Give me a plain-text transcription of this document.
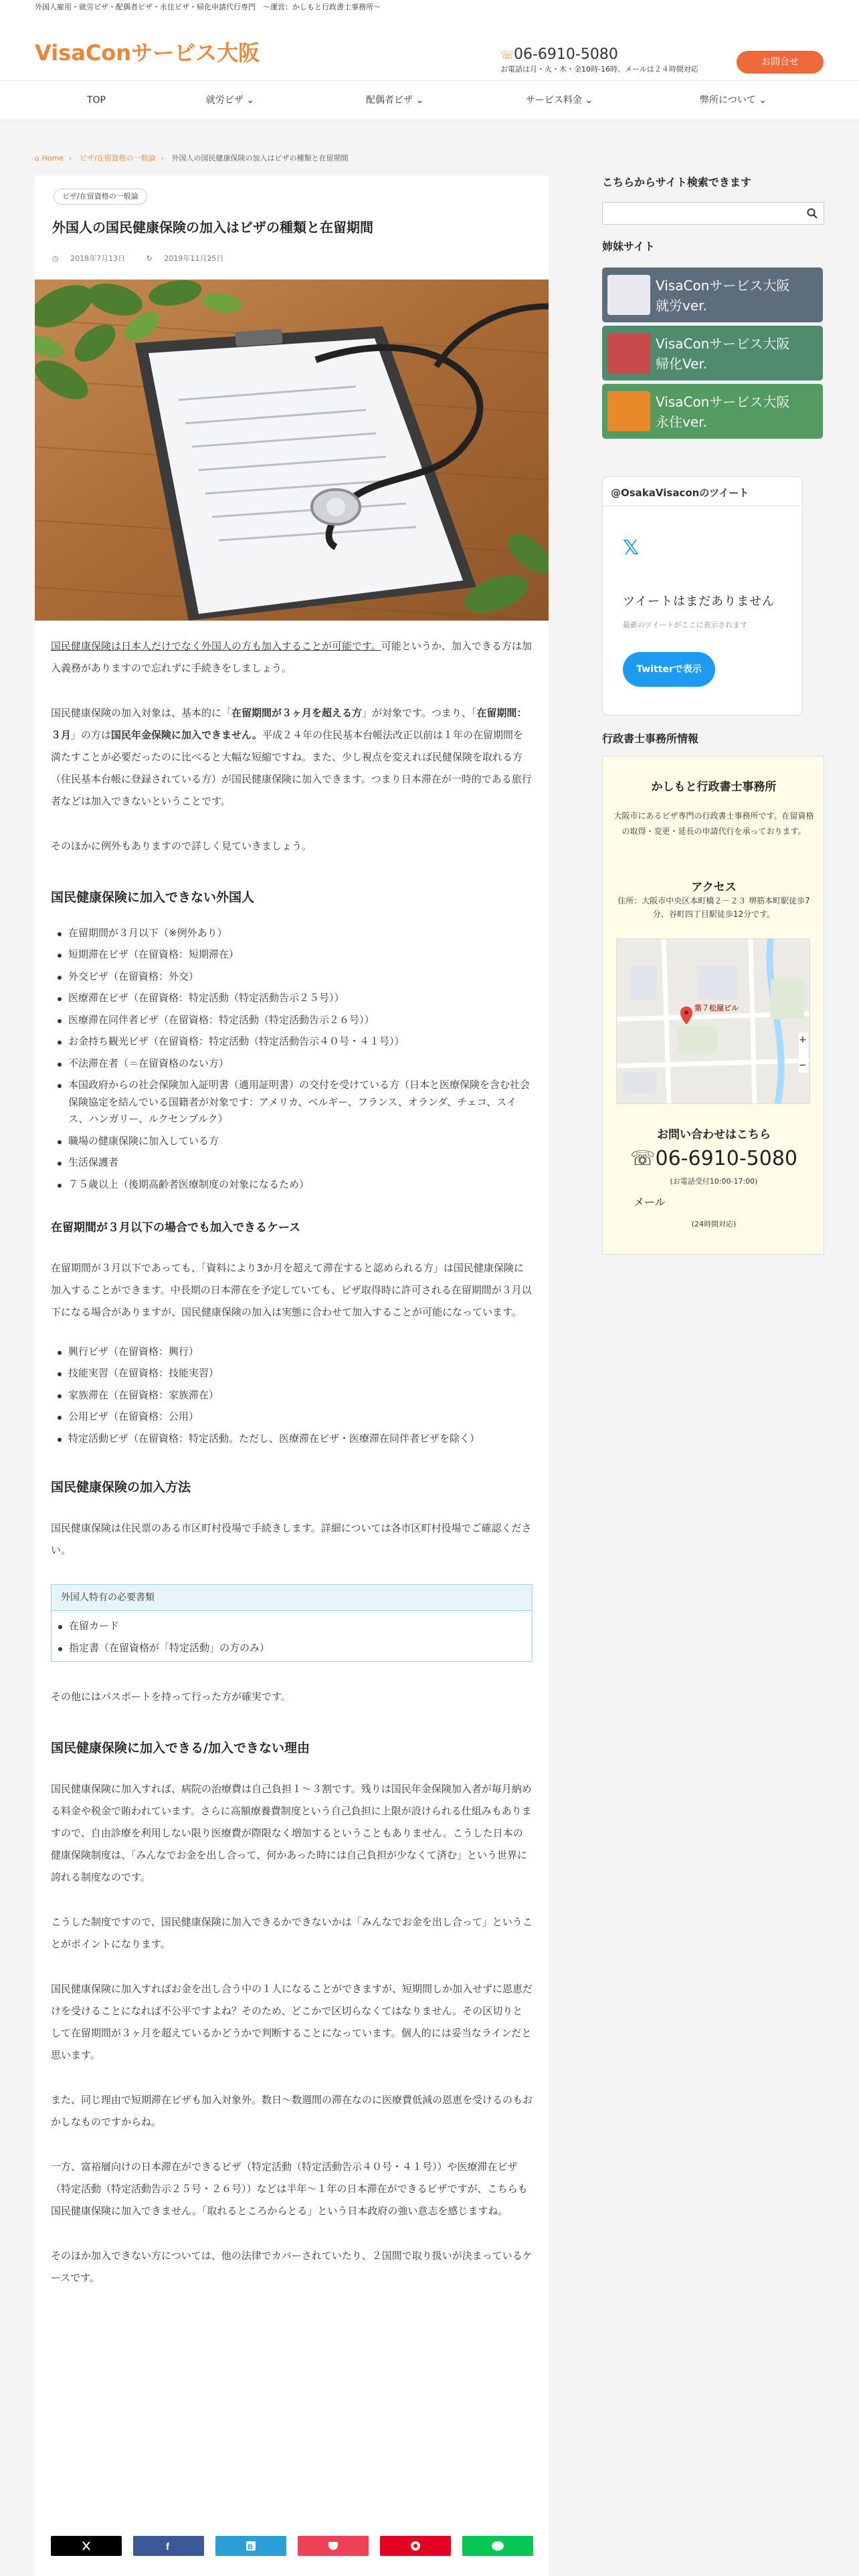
外国人雇用・就労ビザ・配偶者ビザ・永住ビザ・帰化申請代行専門　～運営：かしもと行政書士事務所～
VisaConサービス大阪	☏06-6910-5080
お電話は月・火・木・金10時-16時、メールは２４時間対応
お問合せ
TOP	就労ビザ ⌄	配偶者ビザ ⌄	サービス料金 ⌄	弊所について ⌄
⌂ Home › ビザ/在留資格の一般論 › 外国人の国民健康保険の加入はビザの種類と在留期間
ビザ/在留資格の一般論
外国人の国民健康保険の加入はビザの種類と在留期間
◷ 2018年7月13日	↻ 2019年11月25日

国民健康保険は日本人だけでなく外国人の方も加入することが可能です。可能というか、加入できる方は加入義務がありますので忘れずに手続きをしましょう。

国民健康保険の加入対象は、基本的に「在留期間が３ヶ月を超える方」が対象です。つまり、「在留期間：３月」の方は国民年金保険に加入できません。平成２４年の住民基本台帳法改正以前は１年の在留期間を満たすことが必要だったのに比べると大幅な短縮ですね。また、少し視点を変えれば民健保険を取れる方（住民基本台帳に登録されている方）が国民健康保険に加入できます。つまり日本滞在が一時的である旅行者などは加入できないということです。

そのほかに例外もありますので詳しく見ていきましょう。

国民健康保険に加入できない外国人
在留期間が３月以下（※例外あり）
短期滞在ビザ（在留資格：短期滞在）
外交ビザ（在留資格：外交）
医療滞在ビザ（在留資格：特定活動（特定活動告示２５号））
医療滞在同伴者ビザ（在留資格：特定活動（特定活動告示２６号））
お金持ち観光ビザ（在留資格：特定活動（特定活動告示４０号・４１号））
不法滞在者（＝在留資格のない方）
本国政府からの社会保険加入証明書（適用証明書）の交付を受けている方（日本と医療保険を含む社会保険協定を結んでいる国籍者が対象です：アメリカ、ベルギー、フランス、オランダ、チェコ、スイス、ハンガリー、ルクセンブルク）
職場の健康保険に加入している方
生活保護者
７５歳以上（後期高齢者医療制度の対象になるため）
在留期間が３月以下の場合でも加入できるケース

在留期間が３月以下であっても、「資料により3か月を超えて滞在すると認められる方」は国民健康保険に加入することができます。中長期の日本滞在を予定していても、ビザ取得時に許可される在留期間が３月以下になる場合がありますが、国民健康保険の加入は実態に合わせて加入することが可能になっています。

興行ビザ（在留資格：興行）
技能実習（在留資格：技能実習）
家族滞在（在留資格：家族滞在）
公用ビザ（在留資格：公用）
特定活動ビザ（在留資格：特定活動。ただし、医療滞在ビザ・医療滞在同伴者ビザを除く）
国民健康保険の加入方法

国民健康保険は住民票のある市区町村役場で手続きします。詳細については各市区町村役場でご確認ください。

外国人特有の必要書類
在留カード
指定書（在留資格が「特定活動」の方のみ）

その他にはパスポートを持って行った方が確実です。

国民健康保険に加入できる/加入できない理由

国民健康保険に加入すれば、病院の治療費は自己負担１～３割です。残りは国民年金保険加入者が毎月納める料金や税金で賄われています。さらに高額療養費制度という自己負担に上限が設けられる仕組みもありますので、自由診療を利用しない限り医療費が際限なく増加するということもありません。こうした日本の健康保険制度は、「みんなでお金を出し合って、何かあった時には自己負担が少なくて済む」という世界に誇れる制度なのです。

こうした制度ですので、国民健康保険に加入できるかできないかは「みんなでお金を出し合って」ということがポイントになります。

国民健康保険に加入すればお金を出し合う中の１人になることができますが、短期間しか加入せずに恩恵だけを受けることになれば不公平ですよね？そのため、どこかで区切らなくてはなりません。その区切りとして在留期間が３ヶ月を超えているかどうかで判断することになっています。個人的には妥当なラインだと思います。

また、同じ理由で短期滞在ビザも加入対象外。数日〜数週間の滞在なのに医療費低減の恩恵を受けるのもおかしなものですからね。

一方、富裕層向けの日本滞在ができるビザ（特定活動（特定活動告示４０号・４１号））や医療滞在ビザ（特定活動（特定活動告示２５号・２６号））などは半年〜１年の日本滞在ができるビザですが、こちらも国民健康保険に加入できません。「取れるところからとる」という日本政府の強い意志を感じますね。

そのほか加入できない方については、他の法律でカバーされていたり、２国間で取り扱いが決まっているケースです。

f	B
こちらからサイト検索できます
姉妹サイト
VisaConサービス大阪
就労ver.
VisaConサービス大阪
帰化Ver.
VisaConサービス大阪
永住ver.
@OsakaVisaconのツイート
𝕏
ツイートはまだありません
最新のツイートがここに表示されます
Twitterで表示
行政書士事務所情報
かしもと行政書士事務所
大阪市にあるビザ専門の行政書士事務所です。在留資格の取得・変更・延長の申請代行を承っております。
アクセス
住所：大阪市中央区本町橋２－２３ 堺筋本町駅徒歩7分、谷町四丁目駅徒歩12分です。
第７松屋ビル
+
−
お問い合わせはこちら
☏06-6910-5080
(お電話受付10:00-17:00)
メール
(24時間対応)
